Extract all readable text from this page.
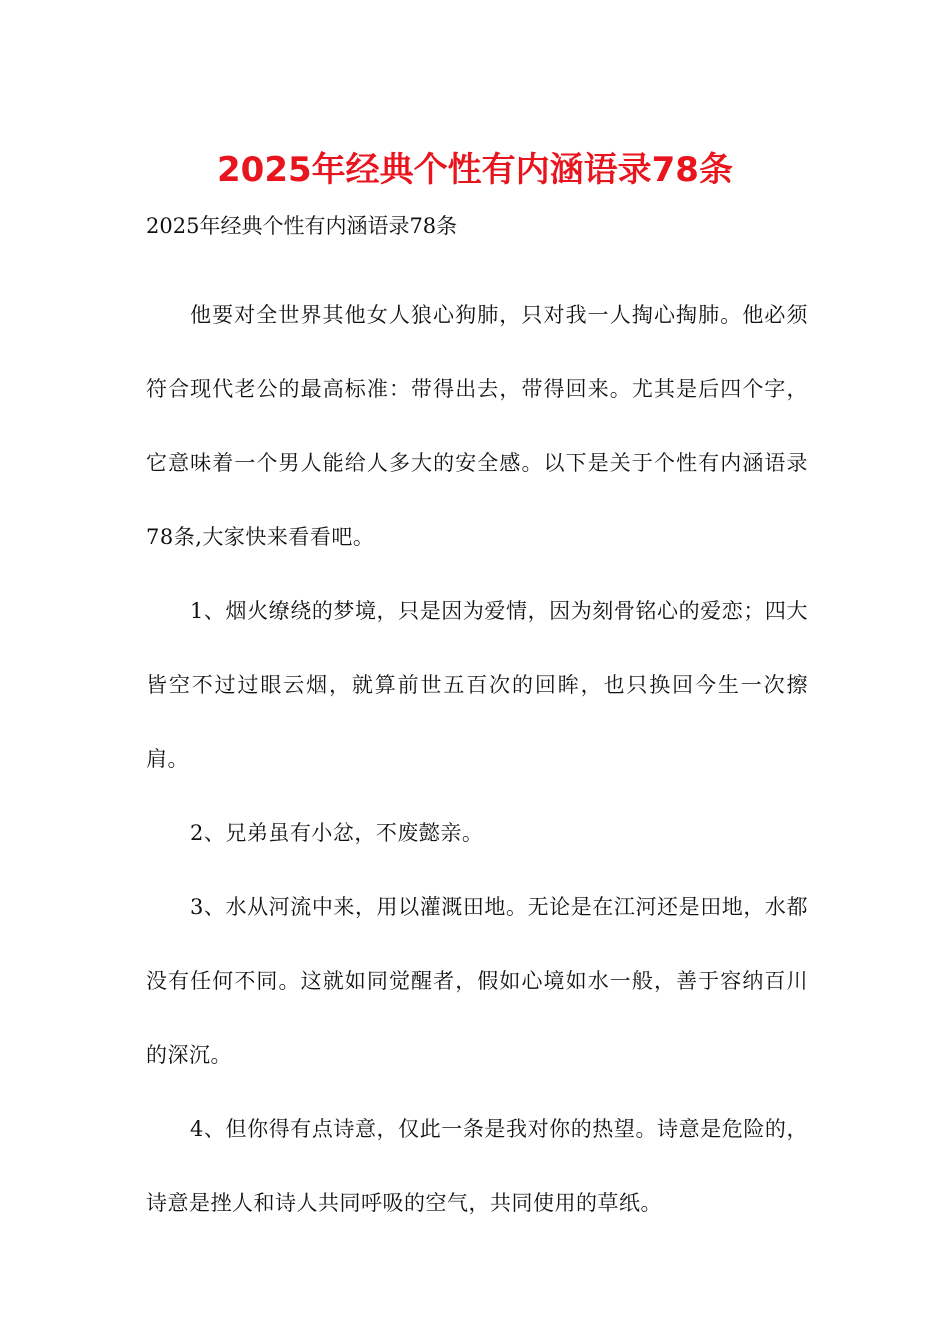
2025年经典个性有内涵语录78条

2025年经典个性有内涵语录78条

他要对全世界其他女人狼心狗肺，只对我一人掏心掏肺。他必须符合现代老公的最高标准：带得出去，带得回来。尤其是后四个字，它意味着一个男人能给人多大的安全感。以下是关于个性有内涵语录78条,大家快来看看吧。

1、烟火缭绕的梦境，只是因为爱情，因为刻骨铭心的爱恋；四大皆空不过过眼云烟，就算前世五百次的回眸，也只换回今生一次擦肩。

2、兄弟虽有小忿，不废懿亲。

3、水从河流中来，用以灌溉田地。无论是在江河还是田地，水都没有任何不同。这就如同觉醒者，假如心境如水一般，善于容纳百川的深沉。

4、但你得有点诗意，仅此一条是我对你的热望。诗意是危险的，诗意是挫人和诗人共同呼吸的空气，共同使用的草纸。
